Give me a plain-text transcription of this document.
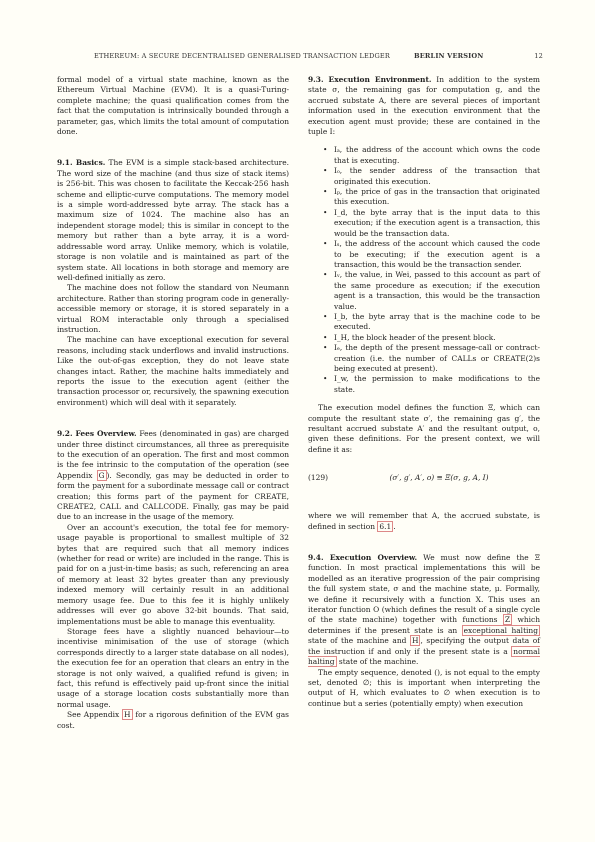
ETHEREUM: A SECURE DECENTRALISED GENERALISED TRANSACTION LEDGER	BERLIN VERSION	12

formal model of a virtual state machine, known as the Ethereum Virtual Machine (EVM). It is a quasi-Turing-complete machine; the quasi qualification comes from the fact that the computation is intrinsically bounded through a parameter, gas, which limits the total amount of computation done.

9.1. Basics. The EVM is a simple stack-based architecture. The word size of the machine (and thus size of stack items) is 256-bit. This was chosen to facilitate the Keccak-256 hash scheme and elliptic-curve computations. The memory model is a simple word-addressed byte array. The stack has a maximum size of 1024. The machine also has an independent storage model; this is similar in concept to the memory but rather than a byte array, it is a word-addressable word array. Unlike memory, which is volatile, storage is non volatile and is maintained as part of the system state. All locations in both storage and memory are well-defined initially as zero.

The machine does not follow the standard von Neumann architecture. Rather than storing program code in generally-accessible memory or storage, it is stored separately in a virtual ROM interactable only through a specialised instruction.

The machine can have exceptional execution for several reasons, including stack underflows and invalid instructions. Like the out-of-gas exception, they do not leave state changes intact. Rather, the machine halts immediately and reports the issue to the execution agent (either the transaction processor or, recursively, the spawning execution environment) which will deal with it separately.

9.2. Fees Overview. Fees (denominated in gas) are charged under three distinct circumstances, all three as prerequisite to the execution of an operation. The first and most common is the fee intrinsic to the computation of the operation (see Appendix G ). Secondly, gas may be deducted in order to form the payment for a subordinate message call or contract creation; this forms part of the payment for CREATE, CREATE2, CALL and CALLCODE. Finally, gas may be paid due to an increase in the usage of the memory.

Over an account's execution, the total fee for memory-usage payable is proportional to smallest multiple of 32 bytes that are required such that all memory indices (whether for read or write) are included in the range. This is paid for on a just-in-time basis; as such, referencing an area of memory at least 32 bytes greater than any previously indexed memory will certainly result in an additional memory usage fee. Due to this fee it is highly unlikely addresses will ever go above 32-bit bounds. That said, implementations must be able to manage this eventuality.

Storage fees have a slightly nuanced behaviour—to incentivise minimisation of the use of storage (which corresponds directly to a larger state database on all nodes), the execution fee for an operation that clears an entry in the storage is not only waived, a qualified refund is given; in fact, this refund is effectively paid up-front since the initial usage of a storage location costs substantially more than normal usage.

See Appendix H for a rigorous definition of the EVM gas cost.

9.3. Execution Environment. In addition to the system state σ, the remaining gas for computation g, and the accrued substate A, there are several pieces of important information used in the execution environment that the execution agent must provide; these are contained in the tuple I:

• Iₐ, the address of the account which owns the code that is executing.
• Iₒ, the sender address of the transaction that originated this execution.
• Iₚ, the price of gas in the transaction that originated this execution.
• I_d, the byte array that is the input data to this execution; if the execution agent is a transaction, this would be the transaction data.
• Iₛ, the address of the account which caused the code to be executing; if the execution agent is a transaction, this would be the transaction sender.
• Iᵥ, the value, in Wei, passed to this account as part of the same procedure as execution; if the execution agent is a transaction, this would be the transaction value.
• I_b, the byte array that is the machine code to be executed.
• I_H, the block header of the present block.
• Iₑ, the depth of the present message-call or contract-creation (i.e. the number of CALLs or CREATE(2)s being executed at present).
• I_w, the permission to make modifications to the state.

The execution model defines the function Ξ, which can compute the resultant state σ′, the remaining gas g′, the resultant accrued substate A′ and the resultant output, o, given these definitions. For the present context, we will define it as:

(129)	(σ′, g′, A′, o) ≡ Ξ(σ, g, A, I)

where we will remember that A, the accrued substate, is defined in section 6.1 .

9.4. Execution Overview. We must now define the Ξ function. In most practical implementations this will be modelled as an iterative progression of the pair comprising the full system state, σ and the machine state, μ. Formally, we define it recursively with a function X. This uses an iterator function O (which defines the result of a single cycle of the state machine) together with functions Z which determines if the present state is an exceptional halting state of the machine and H , specifying the output data of the instruction if and only if the present state is a normal halting state of the machine.

The empty sequence, denoted (), is not equal to the empty set, denoted ∅; this is important when interpreting the output of H, which evaluates to ∅ when execution is to continue but a series (potentially empty) when execution
